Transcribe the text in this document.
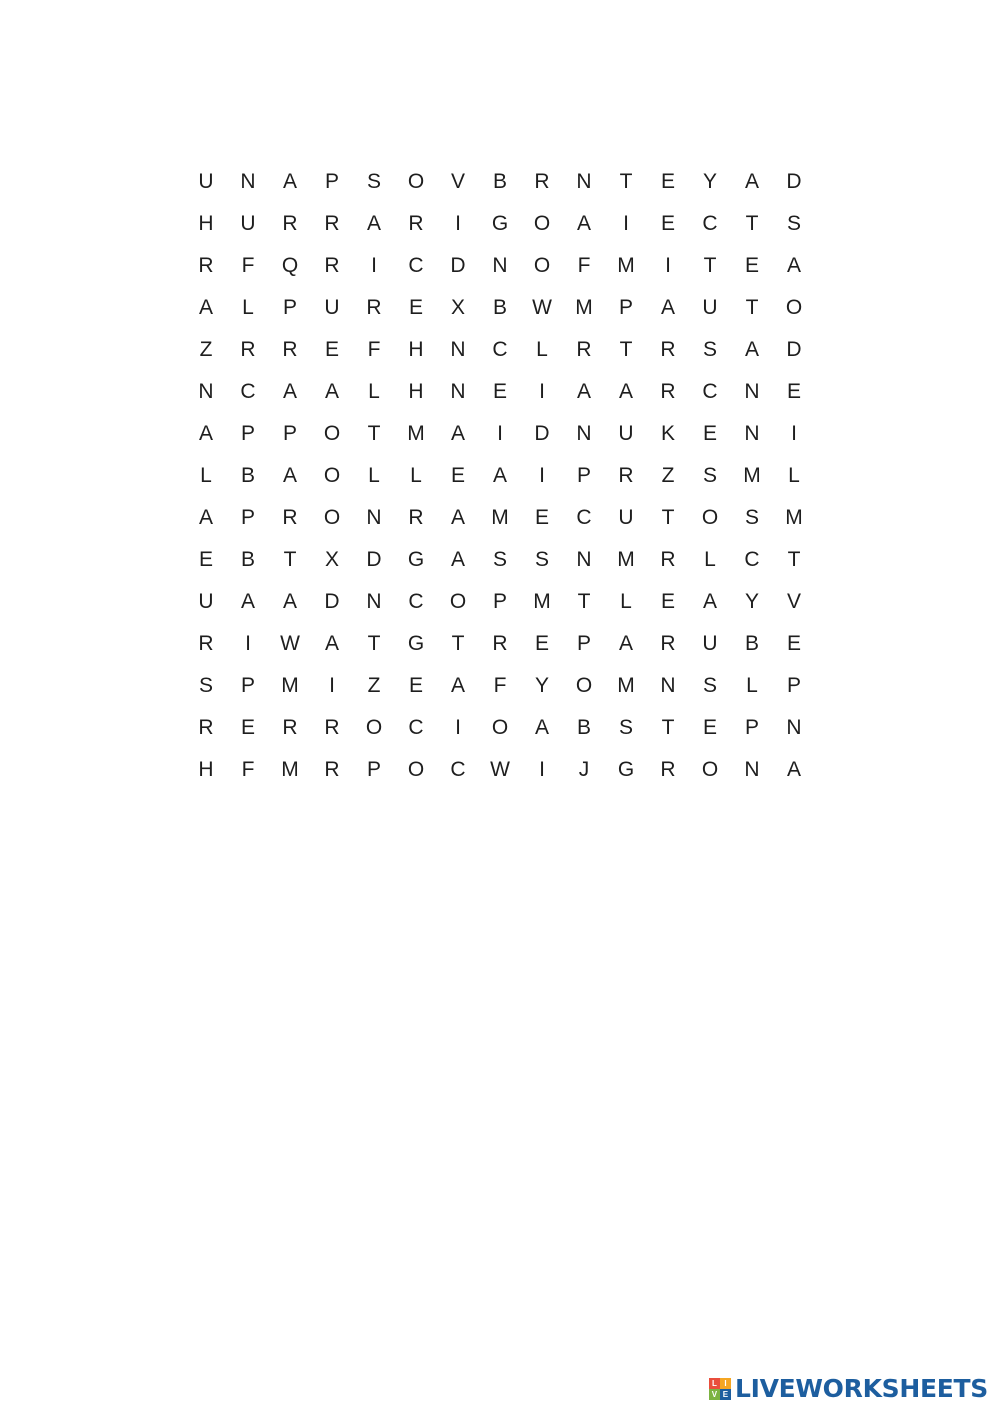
U	N	A	P	S	O	V	B	R	N	T	E	Y	A	D
H	U	R	R	A	R	I	G	O	A	I	E	C	T	S
R	F	Q	R	I	C	D	N	O	F	M	I	T	E	A
A	L	P	U	R	E	X	B	W	M	P	A	U	T	O
Z	R	R	E	F	H	N	C	L	R	T	R	S	A	D
N	C	A	A	L	H	N	E	I	A	A	R	C	N	E
A	P	P	O	T	M	A	I	D	N	U	K	E	N	I
L	B	A	O	L	L	E	A	I	P	R	Z	S	M	L
A	P	R	O	N	R	A	M	E	C	U	T	O	S	M
E	B	T	X	D	G	A	S	S	N	M	R	L	C	T
U	A	A	D	N	C	O	P	M	T	L	E	A	Y	V
R	I	W	A	T	G	T	R	E	P	A	R	U	B	E
S	P	M	I	Z	E	A	F	Y	O	M	N	S	L	P
R	E	R	R	O	C	I	O	A	B	S	T	E	P	N
H	F	M	R	P	O	C	W	I	J	G	R	O	N	A
L I
V E LIVEWORKSHEETS
